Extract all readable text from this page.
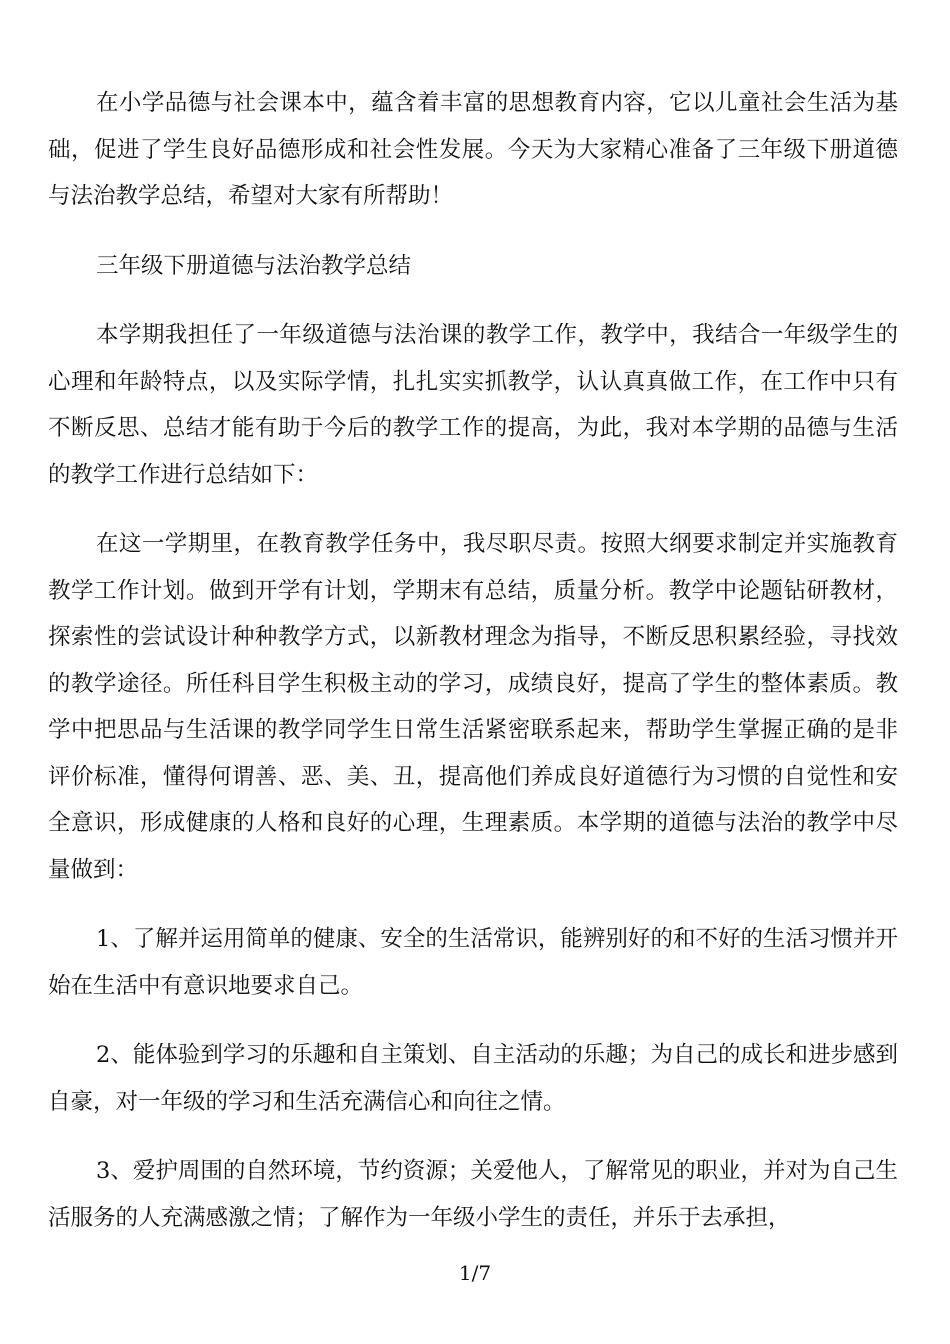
在小学品德与社会课本中，蕴含着丰富的思想教育内容，它以儿童社会生活为基础，促进了学生良好品德形成和社会性发展。今天为大家精心准备了三年级下册道德与法治教学总结，希望对大家有所帮助！

三年级下册道德与法治教学总结

本学期我担任了一年级道德与法治课的教学工作，教学中，我结合一年级学生的心理和年龄特点，以及实际学情，扎扎实实抓教学，认认真真做工作，在工作中只有不断反思、总结才能有助于今后的教学工作的提高，为此，我对本学期的品德与生活的教学工作进行总结如下：

在这一学期里，在教育教学任务中，我尽职尽责。按照大纲要求制定并实施教育教学工作计划。做到开学有计划，学期末有总结，质量分析。教学中论题钻研教材，探索性的尝试设计种种教学方式，以新教材理念为指导，不断反思积累经验，寻找效的教学途径。所任科目学生积极主动的学习，成绩良好，提高了学生的整体素质。教学中把思品与生活课的教学同学生日常生活紧密联系起来，帮助学生掌握正确的是非评价标准，懂得何谓善、恶、美、丑，提高他们养成良好道德行为习惯的自觉性和安全意识，形成健康的人格和良好的心理，生理素质。本学期的道德与法治的教学中尽量做到：

1、了解并运用简单的健康、安全的生活常识，能辨别好的和不好的生活习惯并开始在生活中有意识地要求自己。

2、能体验到学习的乐趣和自主策划、自主活动的乐趣；为自己的成长和进步感到自豪，对一年级的学习和生活充满信心和向往之情。

3、爱护周围的自然环境，节约资源；关爱他人，了解常见的职业，并对为自己生活服务的人充满感激之情；了解作为一年级小学生的责任，并乐于去承担，

1/7
